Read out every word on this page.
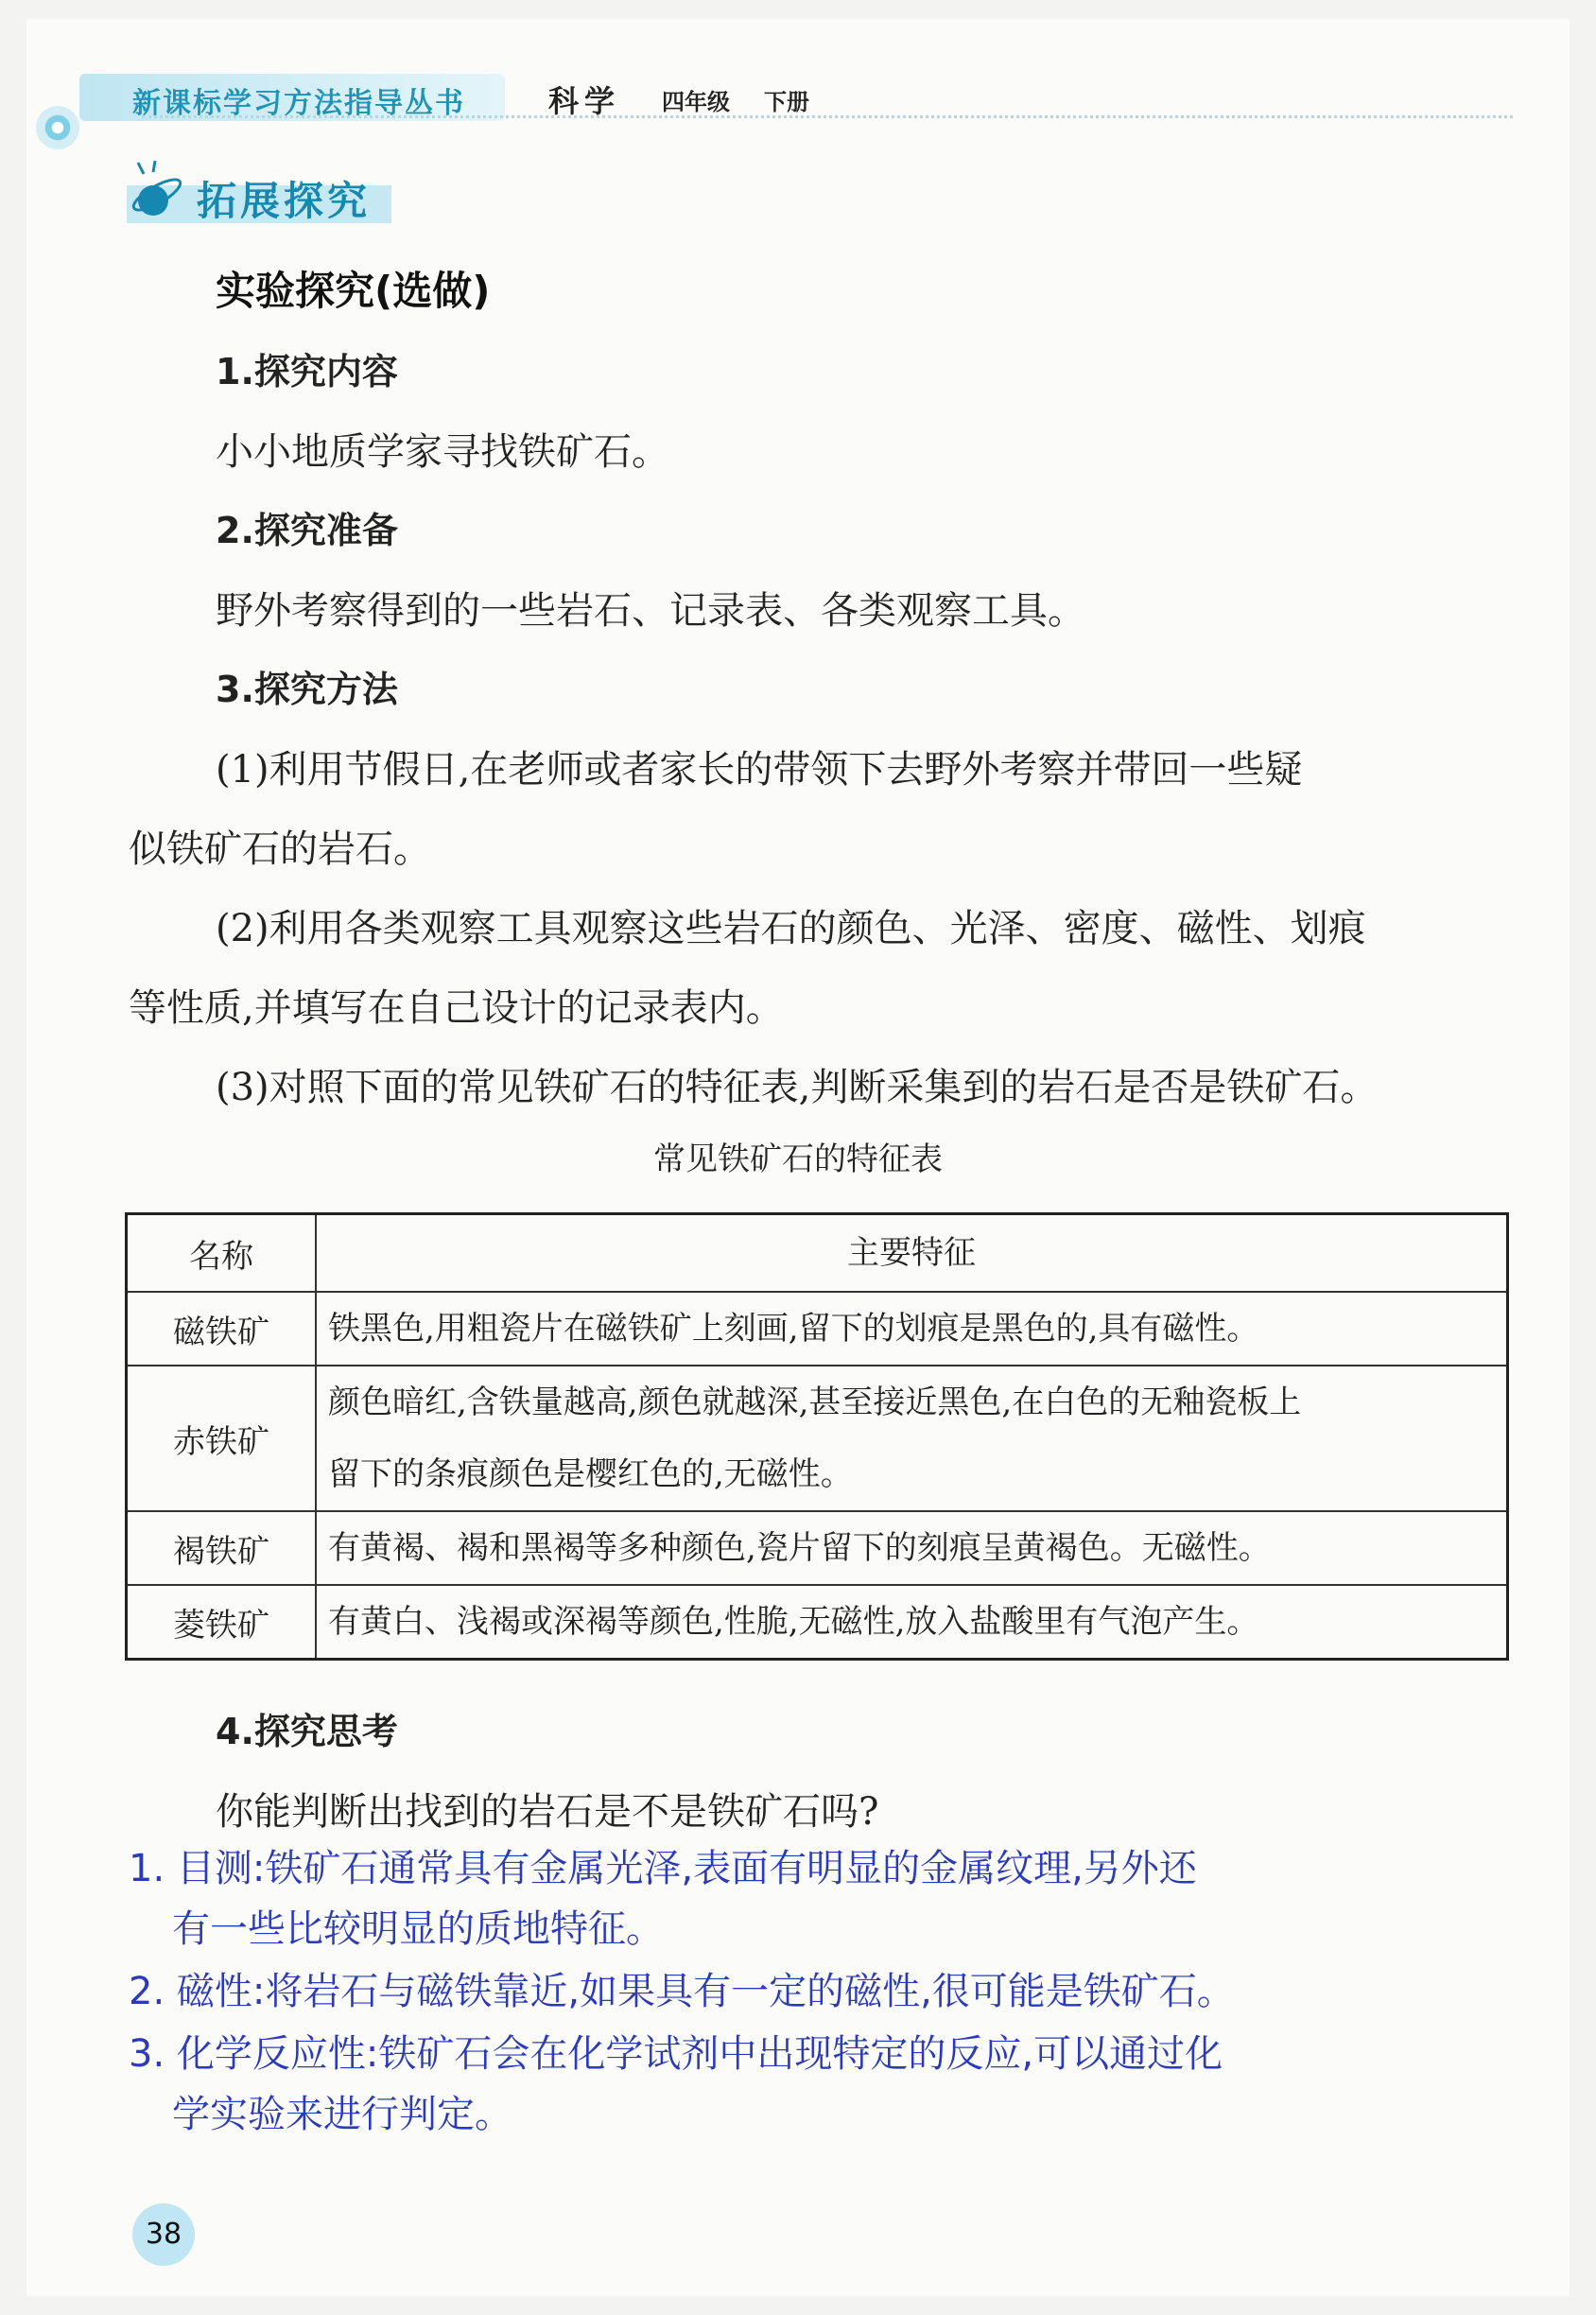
新课标学习方法指导丛书	科学 四年级 下册
拓展探究
实验探究(选做)
1.探究内容
小小地质学家寻找铁矿石。
2.探究准备
野外考察得到的一些岩石、记录表、各类观察工具。
3.探究方法
(1)利用节假日,在老师或者家长的带领下去野外考察并带回一些疑
似铁矿石的岩石。
(2)利用各类观察工具观察这些岩石的颜色、光泽、密度、磁性、划痕
等性质,并填写在自己设计的记录表内。
(3)对照下面的常见铁矿石的特征表,判断采集到的岩石是否是铁矿石。
常见铁矿石的特征表
名称	主要特征
磁铁矿	铁黑色,用粗瓷片在磁铁矿上刻画,留下的划痕是黑色的,具有磁性。
赤铁矿	颜色暗红,含铁量越高,颜色就越深,甚至接近黑色,在白色的无釉瓷板上
留下的条痕颜色是樱红色的,无磁性。
褐铁矿	有黄褐、褐和黑褐等多种颜色,瓷片留下的刻痕呈黄褐色。无磁性。
菱铁矿	有黄白、浅褐或深褐等颜色,性脆,无磁性,放入盐酸里有气泡产生。
4.探究思考
你能判断出找到的岩石是不是铁矿石吗?
1. 目测:铁矿石通常具有金属光泽,表面有明显的金属纹理,另外还
有一些比较明显的质地特征。
2. 磁性:将岩石与磁铁靠近,如果具有一定的磁性,很可能是铁矿石。
3. 化学反应性:铁矿石会在化学试剂中出现特定的反应,可以通过化
学实验来进行判定。
38
